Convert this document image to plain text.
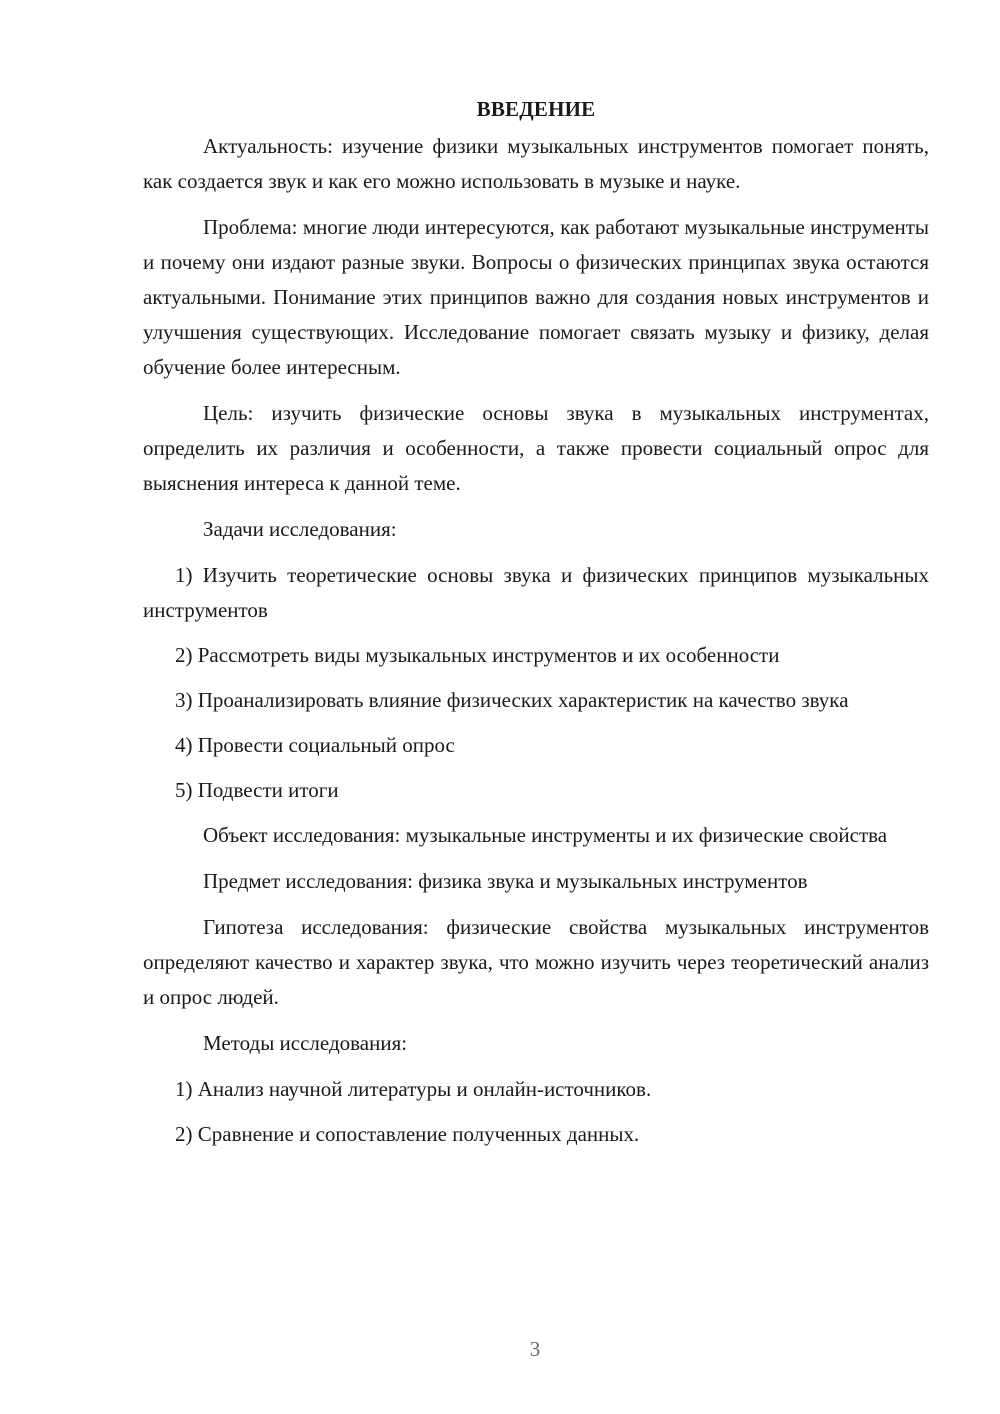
ВВЕДЕНИЕ

Актуальность: изучение физики музыкальных инструментов помогает понять, как создается звук и как его можно использовать в музыке и науке.

Проблема: многие люди интересуются, как работают музыкальные инструменты и почему они издают разные звуки. Вопросы о физических принципах звука остаются актуальными. Понимание этих принципов важно для создания новых инструментов и улучшения существующих. Исследование помогает связать музыку и физику, делая обучение более интересным.

Цель: изучить физические основы звука в музыкальных инструментах, определить их различия и особенности, а также провести социальный опрос для выяснения интереса к данной теме.

Задачи исследования:

1) Изучить теоретические основы звука и физических принципов музыкальных инструментов

2) Рассмотреть виды музыкальных инструментов и их особенности

3) Проанализировать влияние физических характеристик на качество звука

4) Провести социальный опрос

5) Подвести итоги

Объект исследования: музыкальные инструменты и их физические свойства

Предмет исследования: физика звука и музыкальных инструментов

Гипотеза исследования: физические свойства музыкальных инструментов определяют качество и характер звука, что можно изучить через теоретический анализ и опрос людей.

Методы исследования:

1) Анализ научной литературы и онлайн-источников.

2) Сравнение и сопоставление полученных данных.

3
